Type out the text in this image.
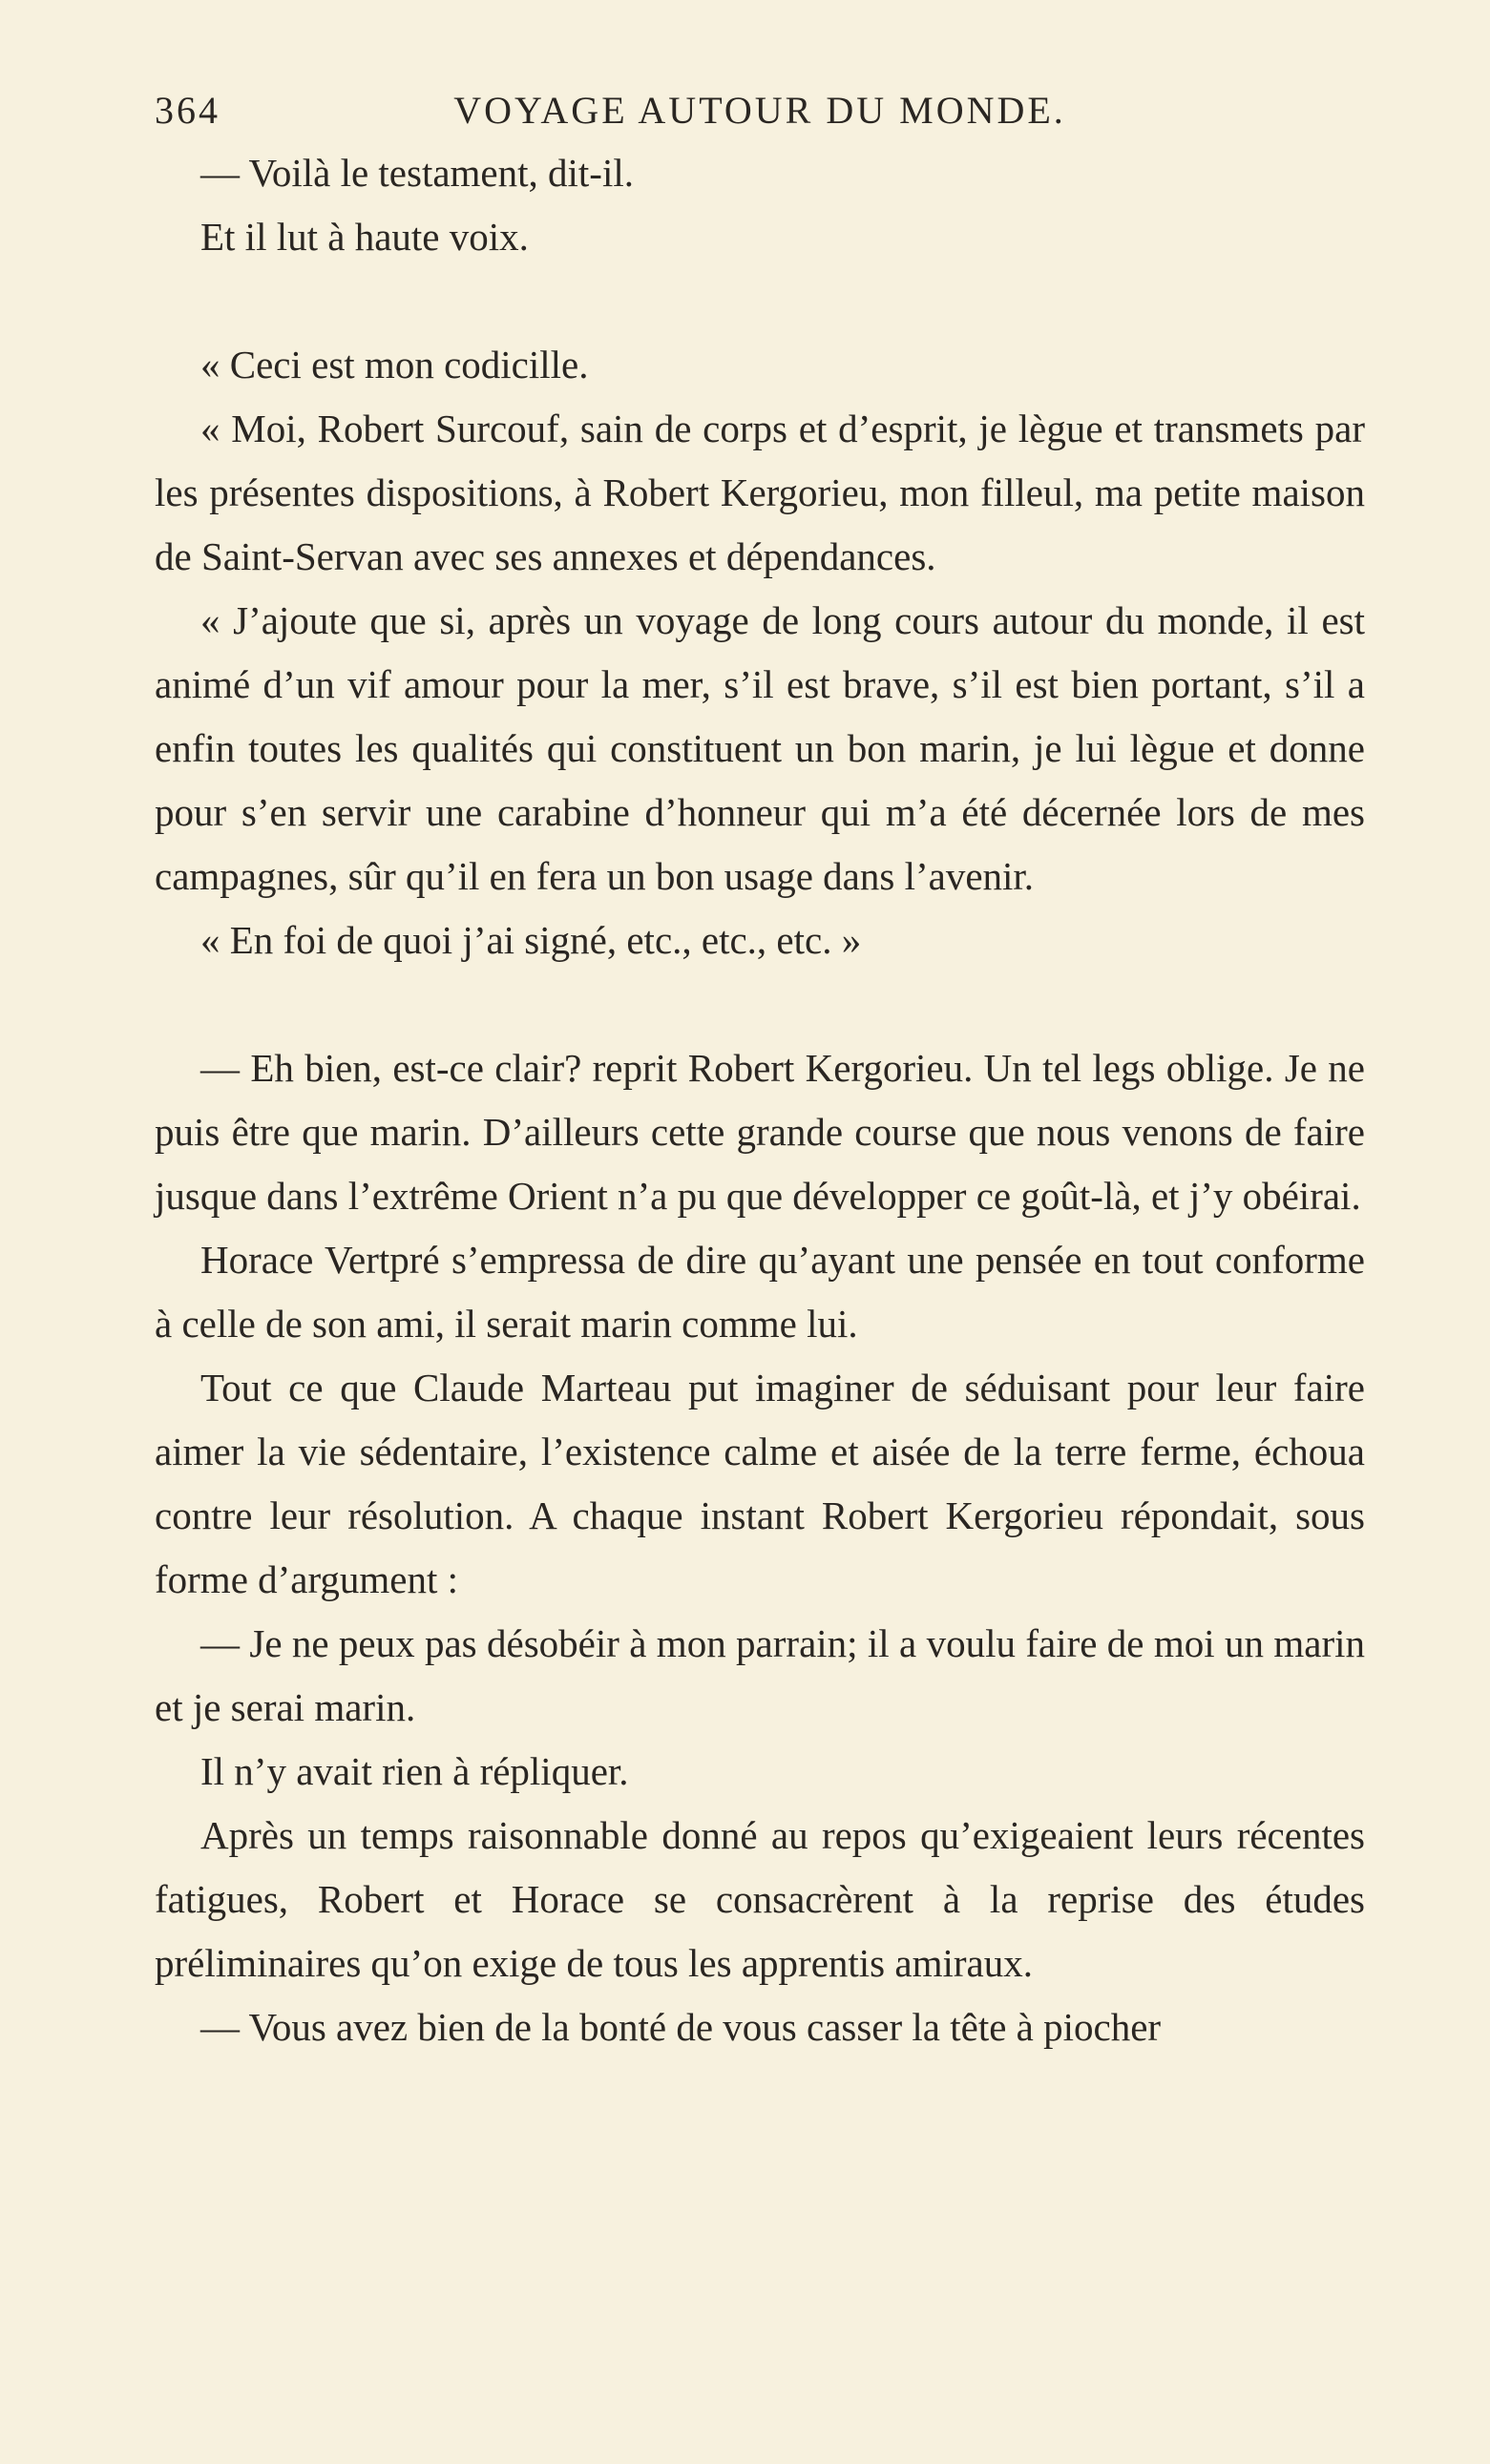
364	VOYAGE AUTOUR DU MONDE.

— Voilà le testament, dit-il.

Et il lut à haute voix.

« Ceci est mon codicille.

« Moi, Robert Surcouf, sain de corps et d’esprit, je lègue et transmets par les présentes dispositions, à Robert Kergorieu, mon filleul, ma petite maison de Saint-Servan avec ses annexes et dépendances.

« J’ajoute que si, après un voyage de long cours autour du monde, il est animé d’un vif amour pour la mer, s’il est brave, s’il est bien portant, s’il a enfin toutes les qualités qui constituent un bon marin, je lui lègue et donne pour s’en servir une carabine d’honneur qui m’a été décernée lors de mes campagnes, sûr qu’il en fera un bon usage dans l’avenir.

« En foi de quoi j’ai signé, etc., etc., etc. »

— Eh bien, est-ce clair? reprit Robert Kergorieu. Un tel legs oblige. Je ne puis être que marin. D’ailleurs cette grande course que nous venons de faire jusque dans l’extrême Orient n’a pu que développer ce goût-là, et j’y obéirai.

Horace Vertpré s’empressa de dire qu’ayant une pensée en tout conforme à celle de son ami, il serait marin comme lui.

Tout ce que Claude Marteau put imaginer de séduisant pour leur faire aimer la vie sédentaire, l’existence calme et aisée de la terre ferme, échoua contre leur résolution. A chaque instant Robert Kergorieu répondait, sous forme d’argument :

— Je ne peux pas désobéir à mon parrain; il a voulu faire de moi un marin et je serai marin.

Il n’y avait rien à répliquer.

Après un temps raisonnable donné au repos qu’exigeaient leurs récentes fatigues, Robert et Horace se consacrèrent à la reprise des études préliminaires qu’on exige de tous les apprentis amiraux.

— Vous avez bien de la bonté de vous casser la tête à piocher
